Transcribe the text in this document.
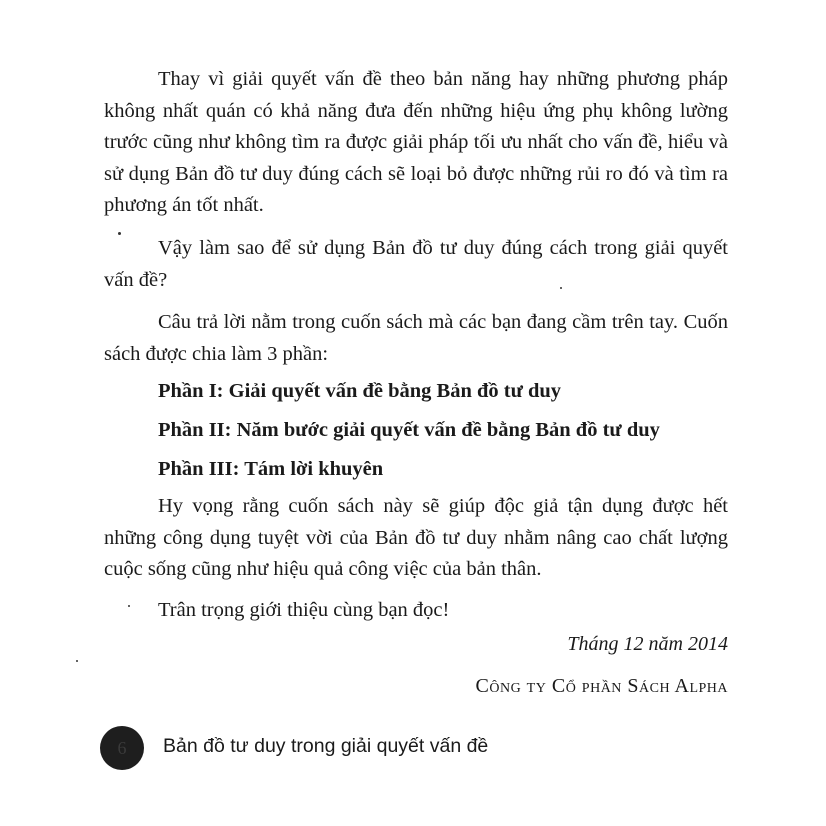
Thay vì giải quyết vấn đề theo bản năng hay những phương pháp không nhất quán có khả năng đưa đến những hiệu ứng phụ không lường trước cũng như không tìm ra được giải pháp tối ưu nhất cho vấn đề, hiểu và sử dụng Bản đồ tư duy đúng cách sẽ loại bỏ được những rủi ro đó và tìm ra phương án tốt nhất.

Vậy làm sao để sử dụng Bản đồ tư duy đúng cách trong giải quyết vấn đề?

Câu trả lời nằm trong cuốn sách mà các bạn đang cầm trên tay. Cuốn sách được chia làm 3 phần:

Phần I: Giải quyết vấn đề bằng Bản đồ tư duy

Phần II: Năm bước giải quyết vấn đề bằng Bản đồ tư duy

Phần III: Tám lời khuyên

Hy vọng rằng cuốn sách này sẽ giúp độc giả tận dụng được hết những công dụng tuyệt vời của Bản đồ tư duy nhằm nâng cao chất lượng cuộc sống cũng như hiệu quả công việc của bản thân.

Trân trọng giới thiệu cùng bạn đọc!

Tháng 12 năm 2014

Công ty Cổ phần Sách Alpha

6	Bản đồ tư duy trong giải quyết vấn đề
